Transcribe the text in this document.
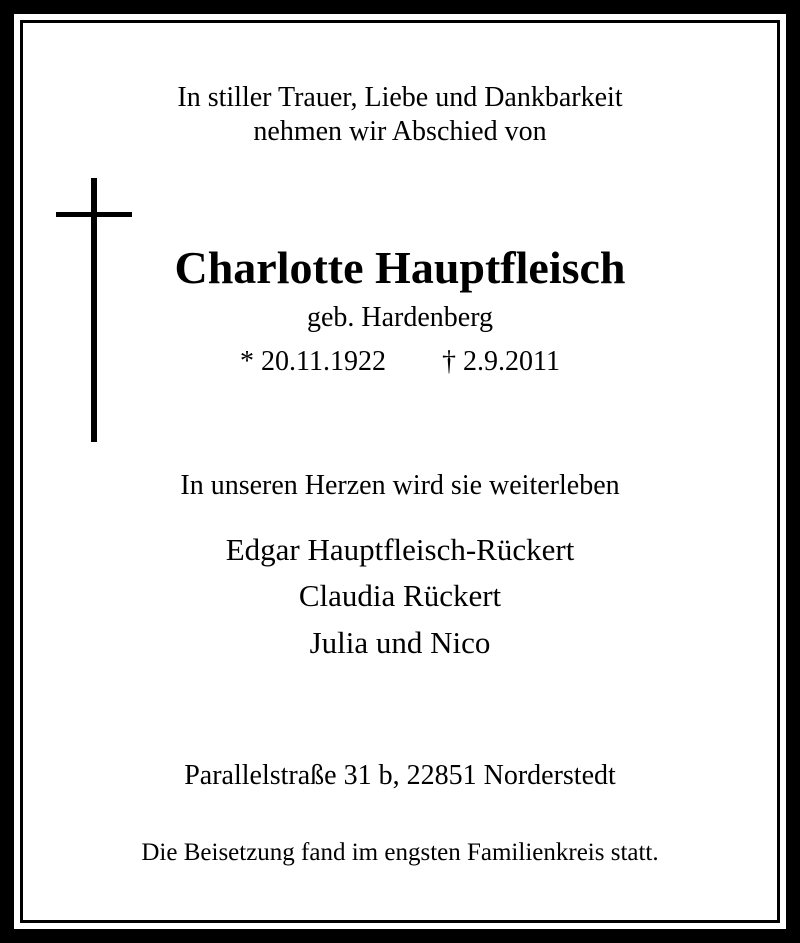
In stiller Trauer, Liebe und Dankbarkeit
nehmen wir Abschied von
Charlotte Hauptfleisch
geb. Hardenberg
* 20.11.1922 † 2.9.2011
In unseren Herzen wird sie weiterleben
Edgar Hauptfleisch-Rückert
Claudia Rückert
Julia und Nico
Parallelstraße 31 b, 22851 Norderstedt
Die Beisetzung fand im engsten Familienkreis statt.
